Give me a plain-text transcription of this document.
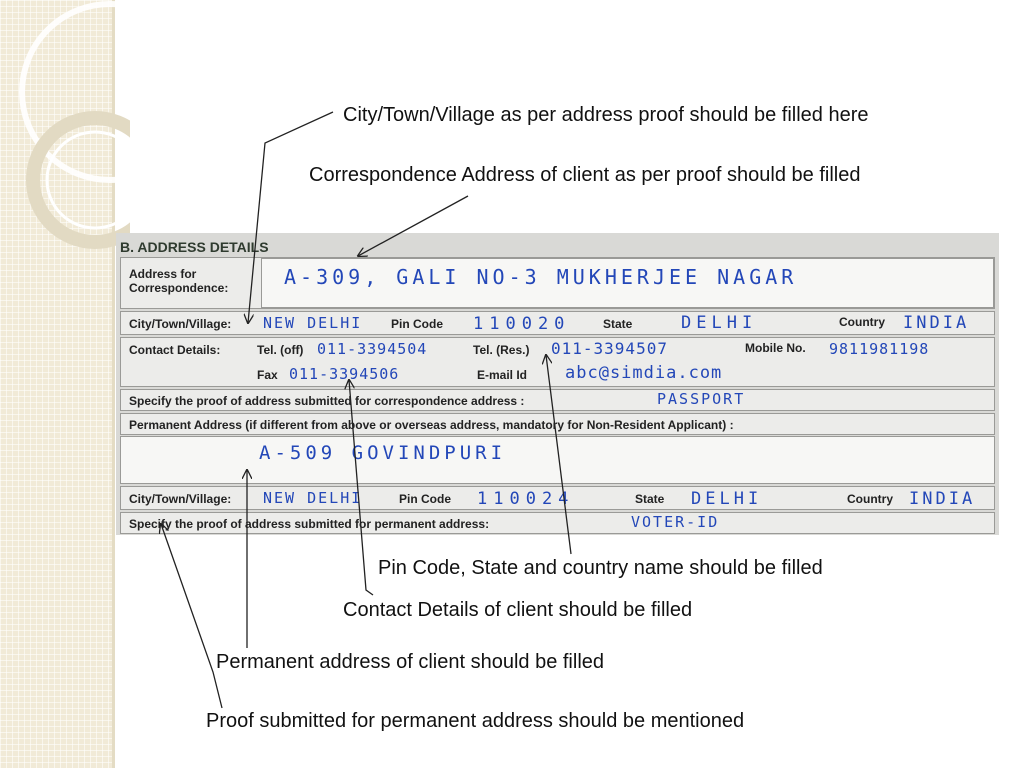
City/Town/Village as per address proof should be filled here
Correspondence Address of client as per proof should be filled
B. ADDRESS DETAILS
Address for Correspondence:	A-309, GALI NO-3 MUKHERJEE NAGAR
City/Town/Village: NEW DELHI Pin Code 110020	State	DELHI	Country INDIA
Contact Details:	Tel. (off) 011-3394504	Tel. (Res.) 011-3394507	Mobile No. 9811981198
Fax 011-3394506	E-mail Id abc@simdia.com
Specify the proof of address submitted for correspondence address :	PASSPORT
Permanent Address (if different from above or overseas address, mandatory for Non-Resident Applicant) :
A-509 GOVINDPURI
City/Town/Village: NEW DELHI	Pin Code 110024	State DELHI	Country INDIA
Specify the proof of address submitted for permanent address:	VOTER-ID
Pin Code, State and country name should be filled
Contact Details of client should be filled
Permanent address of client should be filled
Proof submitted for permanent address should be mentioned
